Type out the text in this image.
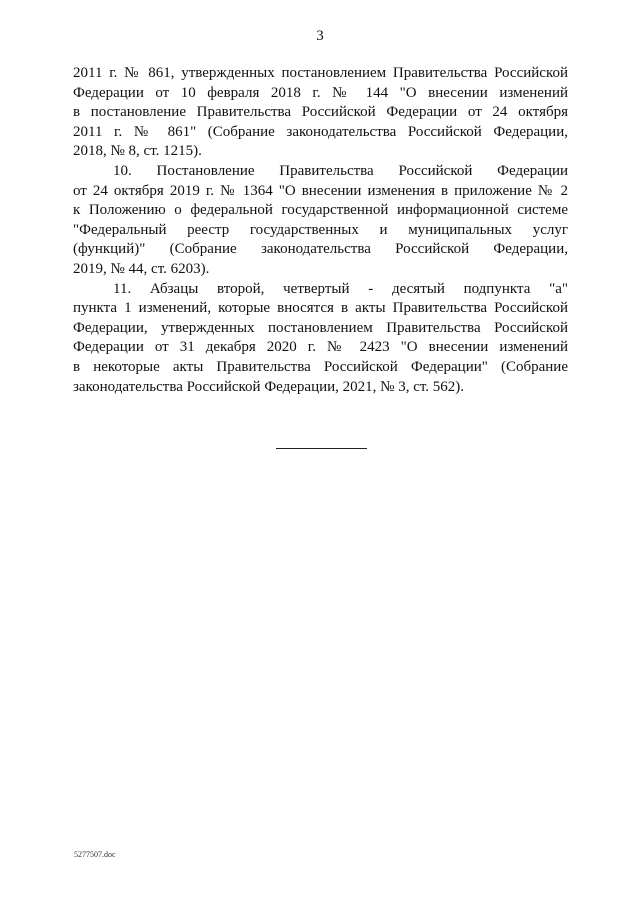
3
2011 г. № 861, утвержденных постановлением Правительства Российской
Федерации от 10 февраля 2018 г. № 144 "О внесении изменений
в постановление Правительства Российской Федерации от 24 октября
2011 г. № 861" (Собрание законодательства Российской Федерации,
2018, № 8, ст. 1215).
10. Постановление Правительства Российской Федерации
от 24 октября 2019 г. № 1364 "О внесении изменения в приложение № 2
к Положению о федеральной государственной информационной системе
"Федеральный реестр государственных и муниципальных услуг
(функций)" (Собрание законодательства Российской Федерации,
2019, № 44, ст. 6203).
11. Абзацы второй, четвертый - десятый подпункта "а"
пункта 1 изменений, которые вносятся в акты Правительства Российской
Федерации, утвержденных постановлением Правительства Российской
Федерации от 31 декабря 2020 г. № 2423 "О внесении изменений
в некоторые акты Правительства Российской Федерации" (Собрание
законодательства Российской Федерации, 2021, № 3, ст. 562).
5277507.doc
